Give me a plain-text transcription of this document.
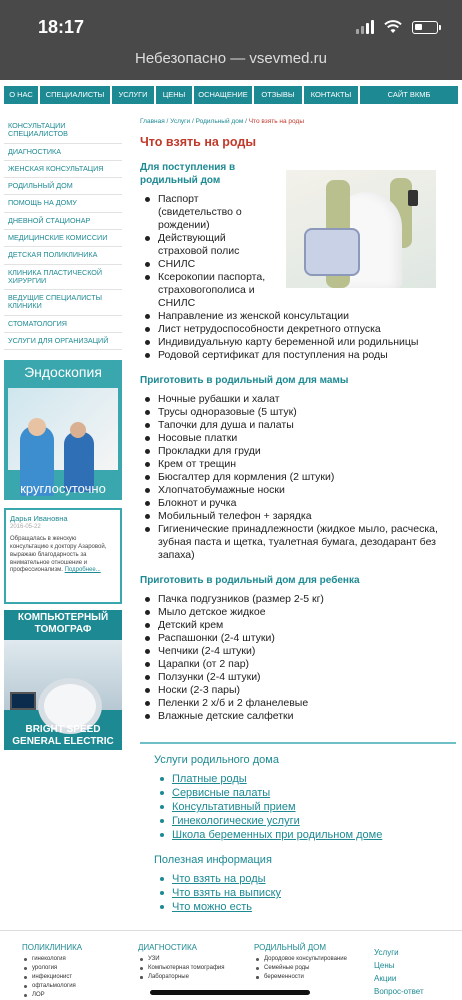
18:17
Небезопасно — vsevmed.ru
О НАС	СПЕЦИАЛИСТЫ	УСЛУГИ	ЦЕНЫ	ОСНАЩЕНИЕ	ОТЗЫВЫ	КОНТАКТЫ	САЙТ ВКМБ
КОНСУЛЬТАЦИИ СПЕЦИАЛИСТОВ
ДИАГНОСТИКА
ЖЕНСКАЯ КОНСУЛЬТАЦИЯ
РОДИЛЬНЫЙ ДОМ
ПОМОЩЬ НА ДОМУ
ДНЕВНОЙ СТАЦИОНАР
МЕДИЦИНСКИЕ КОМИССИИ
ДЕТСКАЯ ПОЛИКЛИНИКА
КЛИНИКА ПЛАСТИЧЕСКОЙ ХИРУРГИИ
ВЕДУЩИЕ СПЕЦИАЛИСТЫ КЛИНИКИ
СТОМАТОЛОГИЯ
УСЛУГИ ДЛЯ ОРГАНИЗАЦИЙ
Эндоскопия
круглосуточно
Дарья Ивановна
2016-05-22
Обращалась в женскую консультацию к доктору Азаровой, выражаю благодарность за внимательное отношение и профессионализм. Подробнее...
КОМПЬЮТЕРНЫЙ
ТОМОГРАФ
BRIGHT SPEED
GENERAL ELECTRIC
Главная / Услуги / Родильный дом / Что взять на роды
Что взять на роды
Для поступления в родильный дом
Паспорт (свидетельство о рождении)
Действующий страховой полис
СНИЛС
Ксерокопии паспорта, страховогополиса и СНИЛС
Направление из женской консультации
Лист нетрудоспособности декретного отпуска
Индивидуальную карту беременной или родильницы
Родовой сертификат для поступления на роды
Приготовить в родильный дом для мамы
Ночные рубашки и халат
Трусы одноразовые (5 штук)
Тапочки для душа и палаты
Носовые платки
Прокладки для груди
Крем от трещин
Бюсгалтер для кормления (2 штуки)
Хлопчатобумажные носки
Блокнот и ручка
Мобильный телефон + зарядка
Гигиенические принадлежности (жидкое мыло, расческа, зубная паста и щетка, туалетная бумага, дезодарант без запаха)
Приготовить в родильный дом для ребенка
Пачка подгузников (размер 2-5 кг)
Мыло детское жидкое
Детский крем
Распашонки (2-4 штуки)
Чепчики (2-4 штуки)
Царапки (от 2 пар)
Ползунки (2-4 штуки)
Носки (2-3 пары)
Пеленки 2 х/б и 2 фланелевые
Влажные детские салфетки
Услуги родильного дома
Платные роды
Сервисные палаты
Консультативный прием
Гинекологические услуги
Школа беременных при родильном доме
Полезная информация
Что взять на роды
Что взять на выписку
Что можно есть
ПОЛИКЛИНИКА
гинекология
урология
инфекционист
офтальмология
ЛОР
ДИАГНОСТИКА
УЗИ
Компьютерная томография
Лабораторные
РОДИЛЬНЫЙ ДОМ
Дородовое консультирование
Семейные роды
беременности
Услуги
Цены
Акции
Вопрос-ответ
